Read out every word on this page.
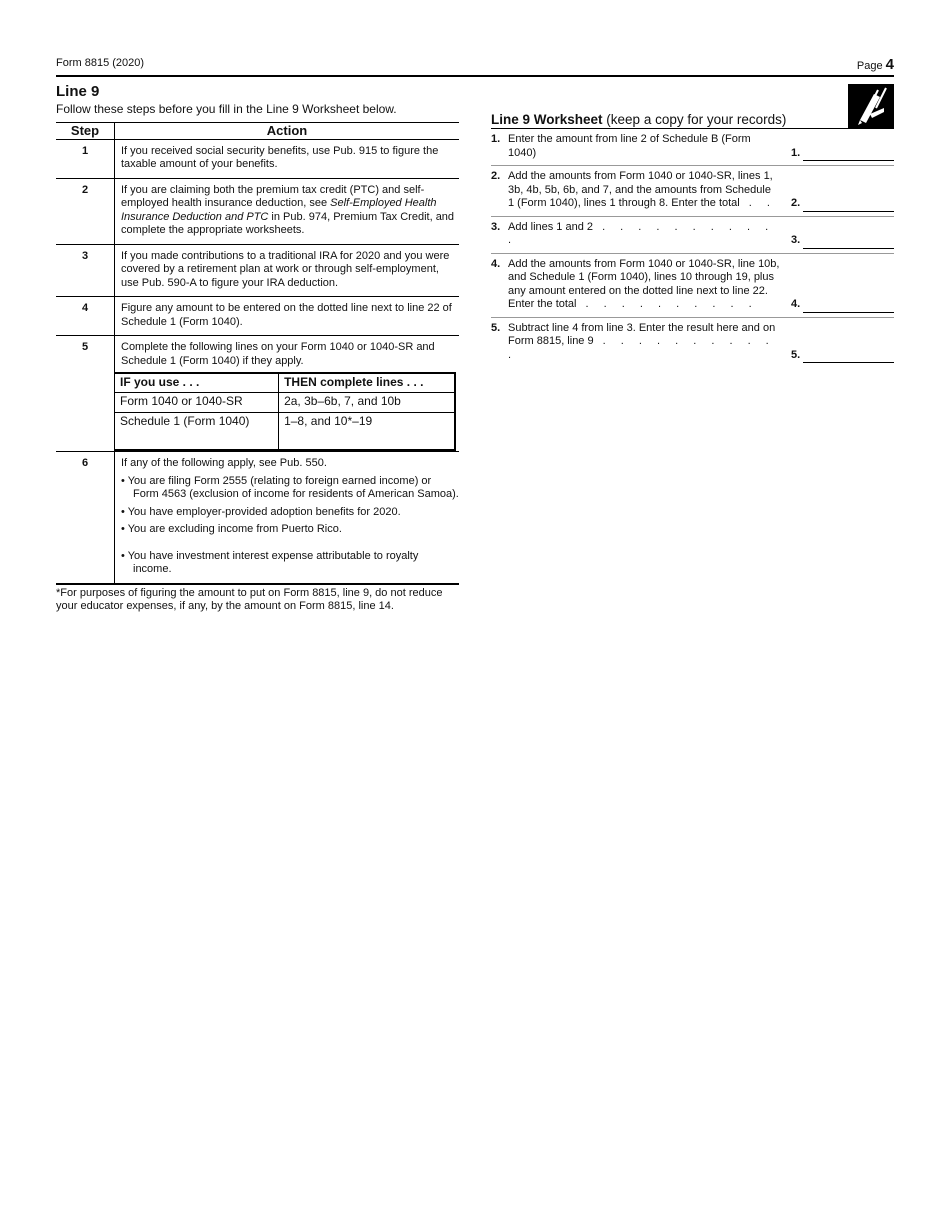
Form 8815 (2020)	Page 4
Line 9
Follow these steps before you fill in the Line 9 Worksheet below.
Step	Action
1	If you received social security benefits, use Pub. 915 to figure the taxable amount of your benefits.
2	If you are claiming both the premium tax credit (PTC) and self-employed health insurance deduction, see Self-Employed Health Insurance Deduction and PTC in Pub. 974, Premium Tax Credit, and complete the appropriate worksheets.
3	If you made contributions to a traditional IRA for 2020 and you were covered by a retirement plan at work or through self-employment, use Pub. 590-A to figure your IRA deduction.
4	Figure any amount to be entered on the dotted line next to line 22 of Schedule 1 (Form 1040).
5	Complete the following lines on your Form 1040 or 1040-SR and Schedule 1 (Form 1040) if they apply.
IF you use . . .	THEN complete lines . . .
Form 1040 or 1040-SR	2a, 3b–6b, 7, and 10b
Schedule 1 (Form 1040)	1–8, and 10*–19

6	If any of the following apply, see Pub. 550.
• You are filing Form 2555 (relating to foreign earned income) or Form 4563 (exclusion of income for residents of American Samoa).
• You have employer-provided adoption benefits for 2020.
• You are excluding income from Puerto Rico.
• You have investment interest expense attributable to royalty income.
*For purposes of figuring the amount to put on Form 8815, line 9, do not reduce your educator expenses, if any, by the amount on Form 8815, line 14.
Line 9 Worksheet (keep a copy for your records)
1. Enter the amount from line 2 of Schedule B (Form 1040)	1.
2. Add the amounts from Form 1040 or 1040-SR, lines 1, 3b, 4b, 5b, 6b, and 7, and the amounts from Schedule 1 (Form 1040), lines 1 through 8. Enter the total . .	2.
3. Add lines 1 and 2 . . . . . . . . . . .	3.
4. Add the amounts from Form 1040 or 1040-SR, line 10b, and Schedule 1 (Form 1040), lines 10 through 19, plus any amount entered on the dotted line next to line 22. Enter the total . . . . . . . . . .	4.
5. Subtract line 4 from line 3. Enter the result here and on Form 8815, line 9 . . . . . . . . . . .	5.
